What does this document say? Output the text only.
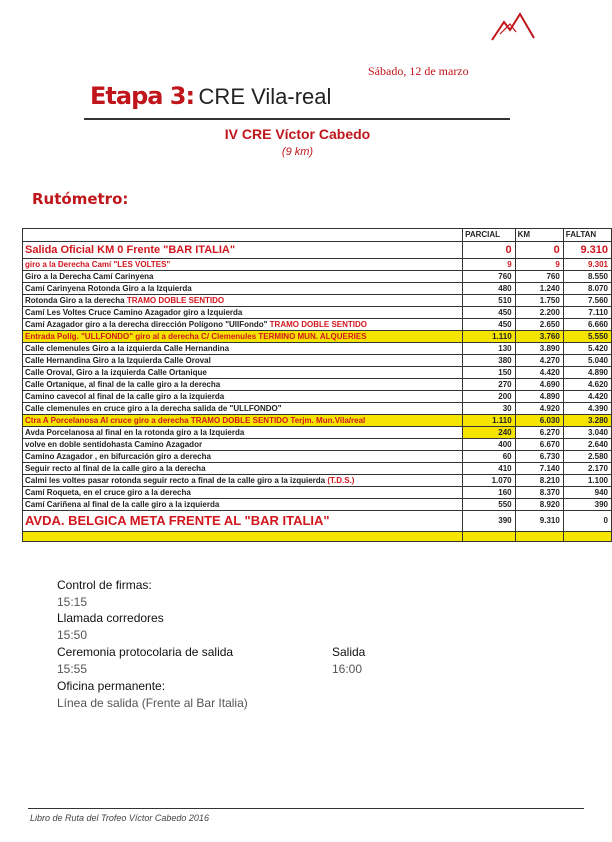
Sábado, 12 de marzo
Etapa 3: CRE Vila-real
IV CRE Víctor Cabedo
(9 km)
Rutómetro:
	PARCIAL	KM	FALTAN
Salida Oficial KM 0 Frente "BAR ITALIA"	0	0	9.310
giro a la Derecha Camí "LES VOLTES"	9	9	9.301
Giro a la Derecha Camí Carinyena	760	760	8.550
Camí Carinyena Rotonda Giro a la Izquierda	480	1.240	8.070
Rotonda Giro a la derecha TRAMO DOBLE SENTIDO	510	1.750	7.560
Camí Les Voltes Cruce Camino Azagador giro a Izquierda	450	2.200	7.110
Camí Azagador giro a la derecha dirección Polígono "UllFondo" TRAMO DOBLE SENTIDO	450	2.650	6.660
Entrada Políg. "ULLFONDO" giro al a derecha C/ Clemenules TERMINO MUN. ALQUERIES	1.110	3.760	5.550
Calle clemenules Giro a la izquierda Calle Hernandina	130	3.890	5.420
Calle Hernandina Giro a la Izquierda Calle Oroval	380	4.270	5.040
Calle Oroval, Giro a la izquierda Calle Ortanique	150	4.420	4.890
Calle Ortanique, al final de la calle giro a la derecha	270	4.690	4.620
Camino cavecol al final de la calle giro a la izquierda	200	4.890	4.420
Calle clemenules en cruce giro a la derecha salida de "ULLFONDO"	30	4.920	4.390
Ctra A Porcelanosa Al cruce giro a derecha TRAMO DOBLE SENTIDO Terjm. Mun.Vila/real	1.110	6.030	3.280
Avda Porcelanosa al final en la rotonda giro a la Izquierda	240	6.270	3.040
volve en doble sentidohasta Camino Azagador	400	6.670	2.640
Camino Azagador , en bifurcación giro a derecha	60	6.730	2.580
Seguir recto al final de la calle giro a la derecha	410	7.140	2.170
Calmi les voltes pasar rotonda seguir recto a final de la calle giro a la izquierda (T.D.S.)	1.070	8.210	1.100
Camí Roqueta, en el cruce giro a la derecha	160	8.370	940
Camí Cariñena al final de la calle giro a la izquierda	550	8.920	390
AVDA. BELGICA META FRENTE AL "BAR ITALIA"	390	9.310	0

Control de firmas:
15:15
Llamada corredores
15:50
Ceremonia protocolaria de salida
15:55
Salida
16:00
Oficina permanente:
Línea de salida (Frente al Bar Italia)
Libro de Ruta del Trofeo Víctor Cabedo 2016
